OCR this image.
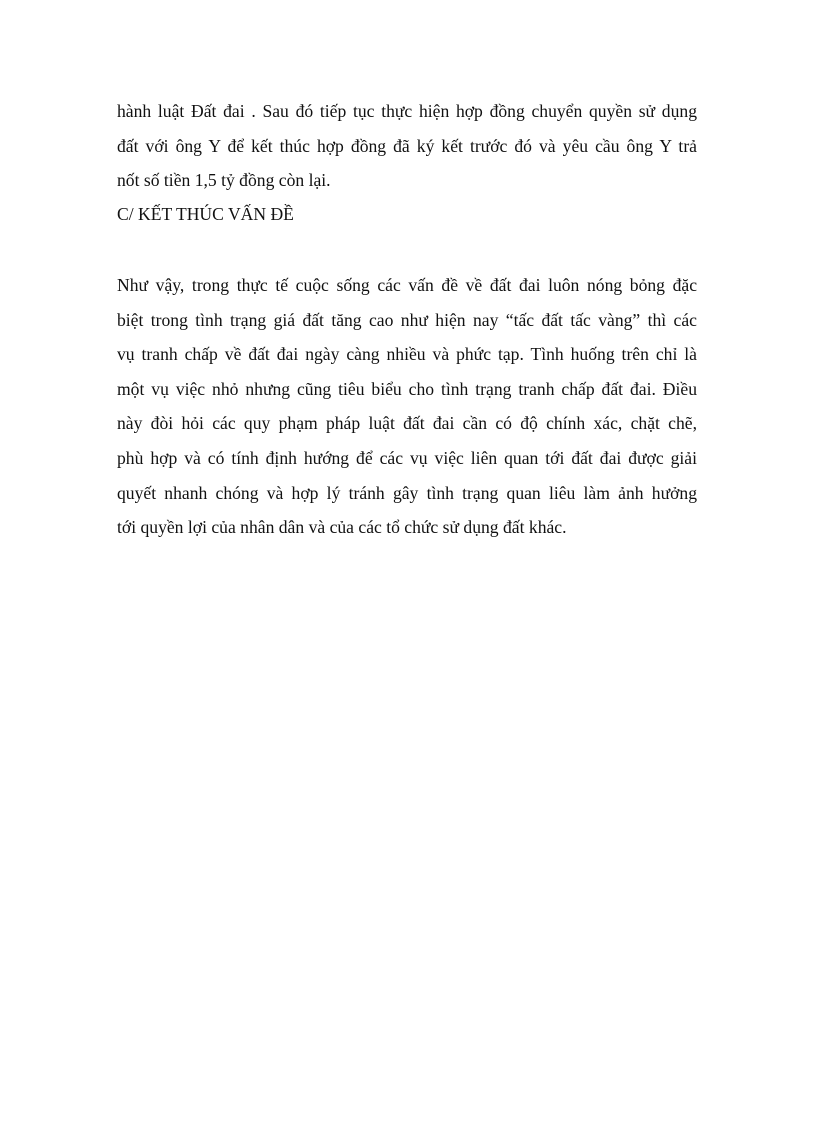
hành luật Đất đai . Sau đó tiếp tục thực hiện hợp đồng chuyển quyền sử dụng
đất với ông Y để kết thúc hợp đồng đã ký kết trước đó và yêu cầu ông Y trả
nốt số tiền 1,5 tỷ đồng còn lại.
C/ KẾT THÚC VẤN ĐỀ
Như vậy, trong thực tế cuộc sống các vấn đề về đất đai luôn nóng bỏng đặc
biệt trong tình trạng giá đất tăng cao như hiện nay “tấc đất tấc vàng” thì các
vụ tranh chấp về đất đai ngày càng nhiều và phức tạp. Tình huống trên chỉ là
một vụ việc nhỏ nhưng cũng tiêu biểu cho tình trạng tranh chấp đất đai. Điều
này đòi hỏi các quy phạm pháp luật đất đai cần có độ chính xác, chặt chẽ,
phù hợp và có tính định hướng để các vụ việc liên quan tới đất đai được giải
quyết nhanh chóng và hợp lý tránh gây tình trạng quan liêu làm ảnh hưởng
tới quyền lợi của nhân dân và của các tổ chức sử dụng đất khác.
